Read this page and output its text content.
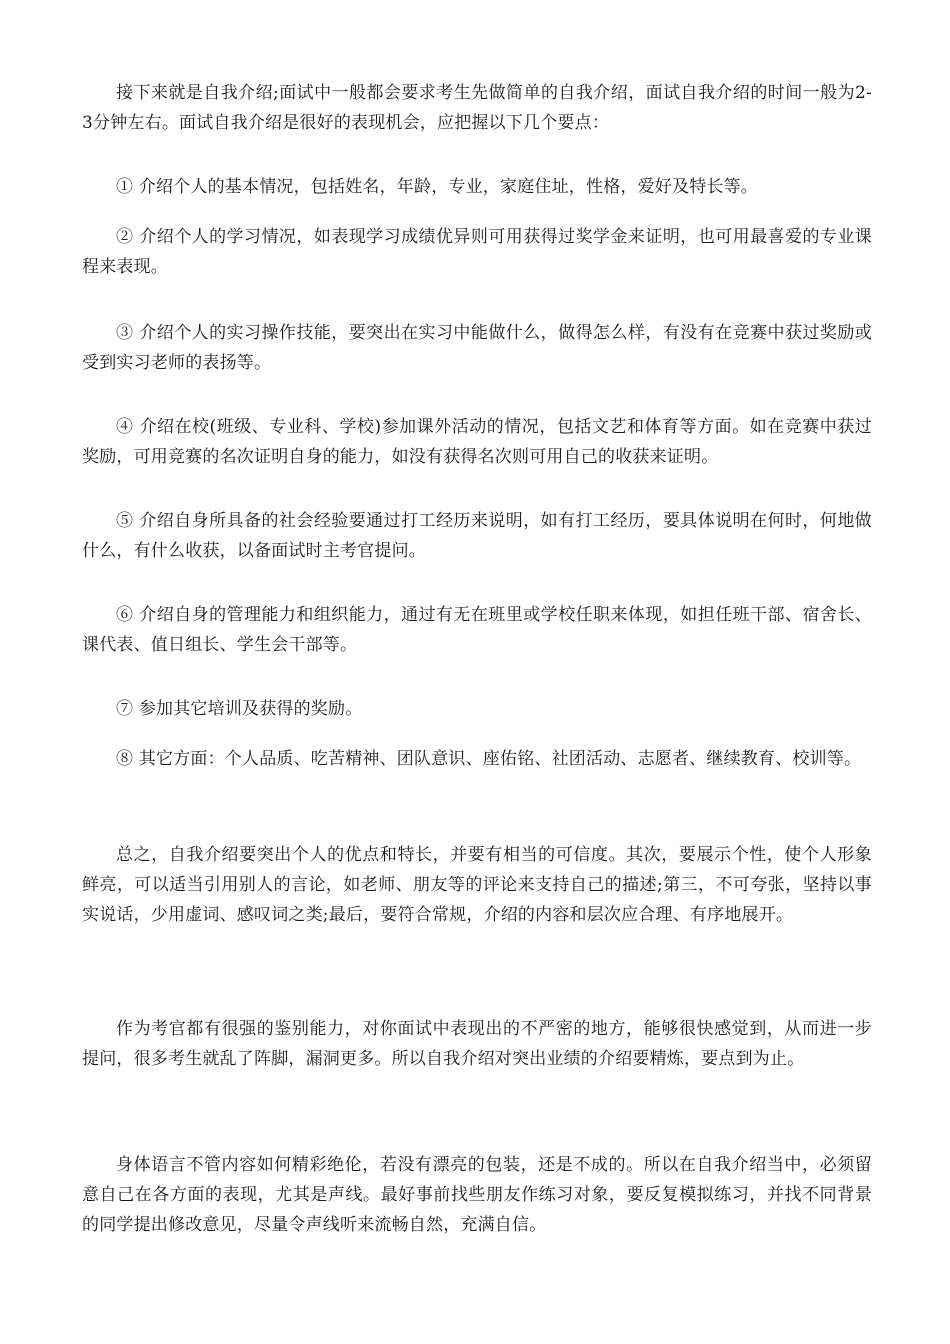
接下来就是自我介绍;面试中一般都会要求考生先做简单的自我介绍，面试自我介绍的时间一般为2-3分钟左右。面试自我介绍是很好的表现机会，应把握以下几个要点：

① 介绍个人的基本情况，包括姓名，年龄，专业，家庭住址，性格，爱好及特长等。

② 介绍个人的学习情况，如表现学习成绩优异则可用获得过奖学金来证明，也可用最喜爱的专业课程来表现。

③ 介绍个人的实习操作技能，要突出在实习中能做什么，做得怎么样，有没有在竞赛中获过奖励或受到实习老师的表扬等。

④ 介绍在校(班级、专业科、学校)参加课外活动的情况，包括文艺和体育等方面。如在竞赛中获过奖励，可用竞赛的名次证明自身的能力，如没有获得名次则可用自己的收获来证明。

⑤ 介绍自身所具备的社会经验要通过打工经历来说明，如有打工经历，要具体说明在何时，何地做什么，有什么收获，以备面试时主考官提问。

⑥ 介绍自身的管理能力和组织能力，通过有无在班里或学校任职来体现，如担任班干部、宿舍长、课代表、值日组长、学生会干部等。

⑦ 参加其它培训及获得的奖励。

⑧ 其它方面：个人品质、吃苦精神、团队意识、座佑铭、社团活动、志愿者、继续教育、校训等。

总之，自我介绍要突出个人的优点和特长，并要有相当的可信度。其次，要展示个性，使个人形象鲜亮，可以适当引用别人的言论，如老师、朋友等的评论来支持自己的描述;第三，不可夸张，坚持以事实说话，少用虚词、感叹词之类;最后，要符合常规，介绍的内容和层次应合理、有序地展开。

作为考官都有很强的鉴别能力，对你面试中表现出的不严密的地方，能够很快感觉到，从而进一步提问，很多考生就乱了阵脚，漏洞更多。所以自我介绍对突出业绩的介绍要精炼，要点到为止。

身体语言不管内容如何精彩绝伦，若没有漂亮的包装，还是不成的。所以在自我介绍当中，必须留意自己在各方面的表现，尤其是声线。最好事前找些朋友作练习对象，要反复模拟练习，并找不同背景的同学提出修改意见，尽量令声线听来流畅自然，充满自信。
